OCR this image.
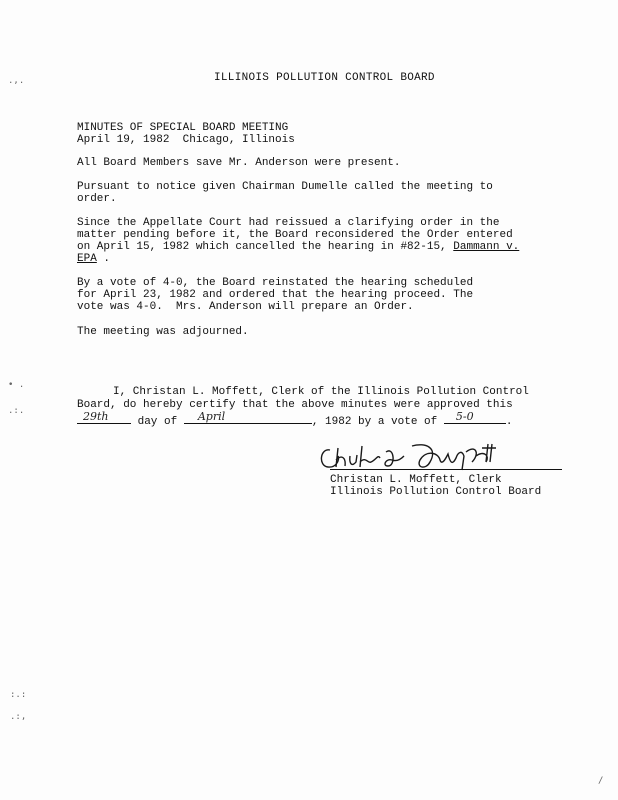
ILLINOIS POLLUTION CONTROL BOARD
MINUTES OF SPECIAL BOARD MEETING
April 19, 1982  Chicago, Illinois
All Board Members save Mr. Anderson were present.
Pursuant to notice given Chairman Dumelle called the meeting to
order.
Since the Appellate Court had reissued a clarifying order in the
matter pending before it, the Board reconsidered the Order entered
on April 15, 1982 which cancelled the hearing in #82-15, Dammann v.
EPA .
By a vote of 4-0, the Board reinstated the hearing scheduled
for April 23, 1982 and ordered that the hearing proceed. The
vote was 4-0.  Mrs. Anderson will prepare an Order.
The meeting was adjourned.
I, Christan L. Moffett, Clerk of the Illinois Pollution Control
Board, do hereby certify that the above minutes were approved this
29th	day of April	, 1982 by a vote of 5-0	.
Christan L. Moffett, Clerk
Illinois Pollution Control Board
.,.
• .
.:.
:.:
.:,
/
